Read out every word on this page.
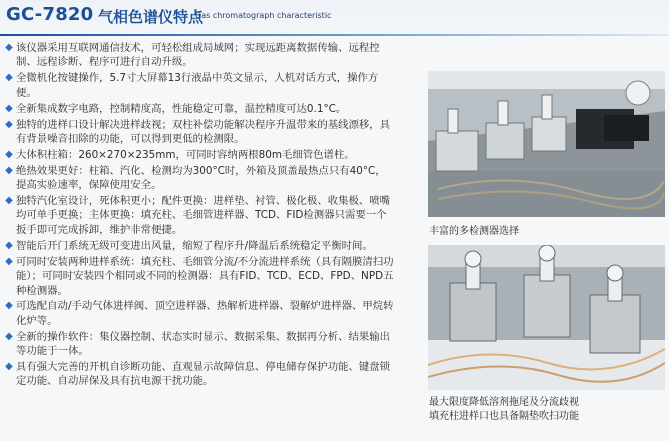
GC-7820 气相色谱仪特点
Gas chromatograph characteristic
◆ 该仪器采用互联网通信技术，可轻松组成局域网；实现远距离数据传输、远程控制、远程诊断、程序可进行自动升级。
◆ 全微机化按键操作，5.7寸大屏幕13行液晶中英文显示，人机对话方式，操作方便。
◆ 全新集成数字电路，控制精度高，性能稳定可靠，温控精度可达0.1°C。
◆ 独特的进样口设计解决进样歧视；双柱补偿功能解决程序升温带来的基线漂移，具有背景噪音扣除的功能，可以得到更低的检测限。
◆ 大体积柱箱：260×270×235mm，可同时容纳两根80m毛细管色谱柱。
◆ 绝热效果更好：柱箱、汽化、检测均为300°C时，外箱及顶盖最热点只有40°C，提高实验速率，保障使用安全。
◆ 独特汽化室设计，死体积更小；配件更换：进样垫、衬管、极化极、收集极、喷嘴均可单手更换；主体更换：填充柱、毛细管进样器、TCD、FID检测器只需要一个扳手即可完成拆卸，维护非常便捷。
◆ 智能后开门系统无级可变进出风量，缩短了程序升/降温后系统稳定平衡时间。
◆ 可同时安装两种进样系统：填充柱、毛细管分流/不分流进样系统（具有隔膜清扫功能）；可同时安装四个相同或不同的检测器：具有FID、TCD、ECD、FPD、NPD五种检测器。
◆ 可选配自动/手动气体进样阀、顶空进样器、热解析进样器、裂解炉进样器、甲烷转化炉等。
◆ 全新的操作软件：集仪器控制、状态实时显示、数据采集、数据再分析、结果输出等功能于一体。
◆ 具有强大完善的开机自诊断功能、直观显示故障信息、停电储存保护功能、键盘锁定功能、自动屏保及具有抗电源干扰功能。
丰富的多检测器选择
最大限度降低溶剂拖尾及分流歧视
填充柱进样口也具备隔垫吹扫功能
